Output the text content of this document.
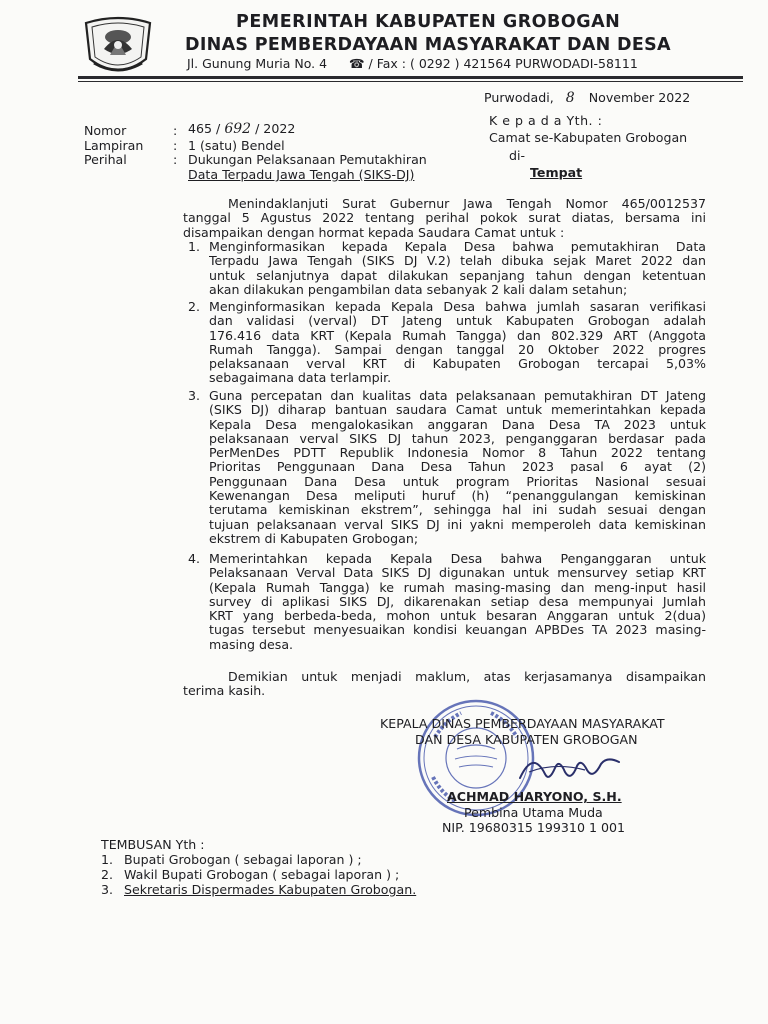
PEMERINTAH KABUPATEN GROBOGAN
DINAS PEMBERDAYAAN MASYARAKAT DAN DESA
Jl. Gunung Muria No. 4 ☎ / Fax : ( 0292 ) 421564 PURWODADI-58111
Purwodadi, 8 November 2022
K e p a d a Yth. :
Camat se-Kabupaten Grobogan
di-
Tempat
Nomor	: 465 / 692 / 2022
Lampiran : 1 (satu) Bendel
Perihal	: Dukungan Pelaksanaan Pemutakhiran
Data Terpadu Jawa Tengah (SIKS-DJ)
Menindaklanjuti Surat Gubernur Jawa Tengah Nomor 465/0012537
tanggal 5 Agustus 2022 tentang perihal pokok surat diatas, bersama ini
disampaikan dengan hormat kepada Saudara Camat untuk :
1. Menginformasikan kepada Kepala Desa bahwa pemutakhiran Data
Terpadu Jawa Tengah (SIKS DJ V.2) telah dibuka sejak Maret 2022 dan
untuk selanjutnya dapat dilakukan sepanjang tahun dengan ketentuan
akan dilakukan pengambilan data sebanyak 2 kali dalam setahun;
2. Menginformasikan kepada Kepala Desa bahwa jumlah sasaran verifikasi
dan validasi (verval) DT Jateng untuk Kabupaten Grobogan adalah
176.416 data KRT (Kepala Rumah Tangga) dan 802.329 ART (Anggota
Rumah Tangga). Sampai dengan tanggal 20 Oktober 2022 progres
pelaksanaan verval KRT di Kabupaten Grobogan tercapai 5,03%
sebagaimana data terlampir.
3. Guna percepatan dan kualitas data pelaksanaan pemutakhiran DT Jateng
(SIKS DJ) diharap bantuan saudara Camat untuk memerintahkan kepada
Kepala Desa mengalokasikan anggaran Dana Desa TA 2023 untuk
pelaksanaan verval SIKS DJ tahun 2023, penganggaran berdasar pada
PerMenDes PDTT Republik Indonesia Nomor 8 Tahun 2022 tentang
Prioritas Penggunaan Dana Desa Tahun 2023 pasal 6 ayat (2)
Penggunaan Dana Desa untuk program Prioritas Nasional sesuai
Kewenangan Desa meliputi huruf (h) “penanggulangan kemiskinan
terutama kemiskinan ekstrem”, sehingga hal ini sudah sesuai dengan
tujuan pelaksanaan verval SIKS DJ ini yakni memperoleh data kemiskinan
ekstrem di Kabupaten Grobogan;
4. Memerintahkan kepada Kepala Desa bahwa Penganggaran untuk
Pelaksanaan Verval Data SIKS DJ digunakan untuk mensurvey setiap KRT
(Kepala Rumah Tangga) ke rumah masing-masing dan meng-input hasil
survey di aplikasi SIKS DJ, dikarenakan setiap desa mempunyai Jumlah
KRT yang berbeda-beda, mohon untuk besaran Anggaran untuk 2(dua)
tugas tersebut menyesuaikan kondisi keuangan APBDes TA 2023 masing-
masing desa.
Demikian untuk menjadi maklum, atas kerjasamanya disampaikan
terima kasih.
KEPALA DINAS PEMBERDAYAAN MASYARAKAT
DAN DESA KABUPATEN GROBOGAN
ACHMAD HARYONO, S.H.
Pembina Utama Muda
NIP. 19680315 199310 1 001
TEMBUSAN Yth :
1. Bupati Grobogan ( sebagai laporan ) ;
2. Wakil Bupati Grobogan ( sebagai laporan ) ;
3. Sekretaris Dispermades Kabupaten Grobogan.
